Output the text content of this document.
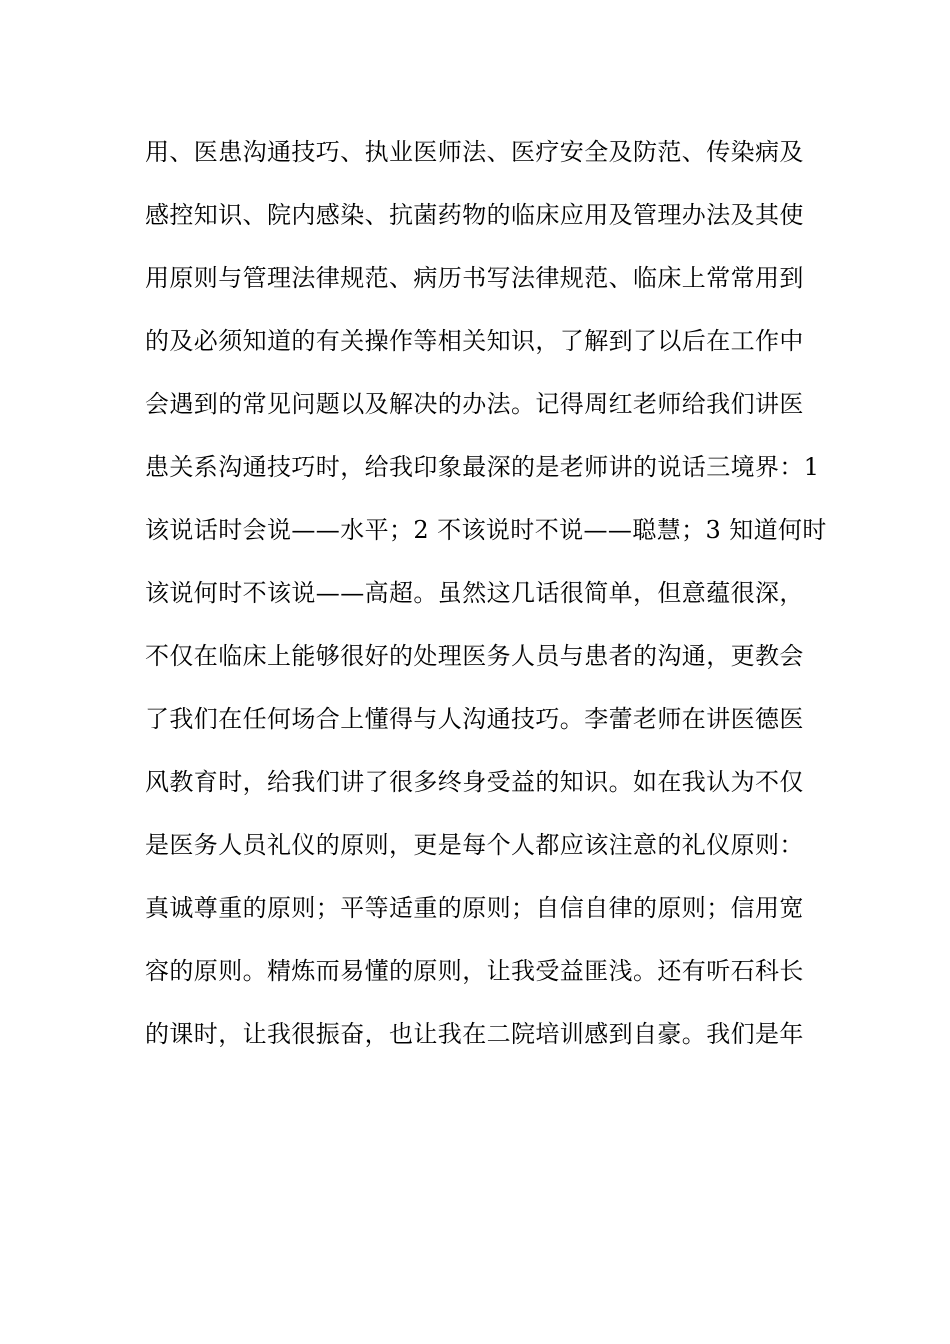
用、医患沟通技巧、执业医师法、医疗安全及防范、传染病及
感控知识、院内感染、抗菌药物的临床应用及管理办法及其使
用原则与管理法律规范、病历书写法律规范、临床上常常用到
的及必须知道的有关操作等相关知识，了解到了以后在工作中
会遇到的常见问题以及解决的办法。记得周红老师给我们讲医
患关系沟通技巧时，给我印象最深的是老师讲的说话三境界：1
该说话时会说——水平；2 不该说时不说——聪慧；3 知道何时
该说何时不该说——高超。虽然这几话很简单，但意蕴很深，
不仅在临床上能够很好的处理医务人员与患者的沟通，更教会
了我们在任何场合上懂得与人沟通技巧。李蕾老师在讲医德医
风教育时，给我们讲了很多终身受益的知识。如在我认为不仅
是医务人员礼仪的原则，更是每个人都应该注意的礼仪原则：
真诚尊重的原则；平等适重的原则；自信自律的原则；信用宽
容的原则。精炼而易懂的原则，让我受益匪浅。还有听石科长
的课时，让我很振奋，也让我在二院培训感到自豪。我们是年
